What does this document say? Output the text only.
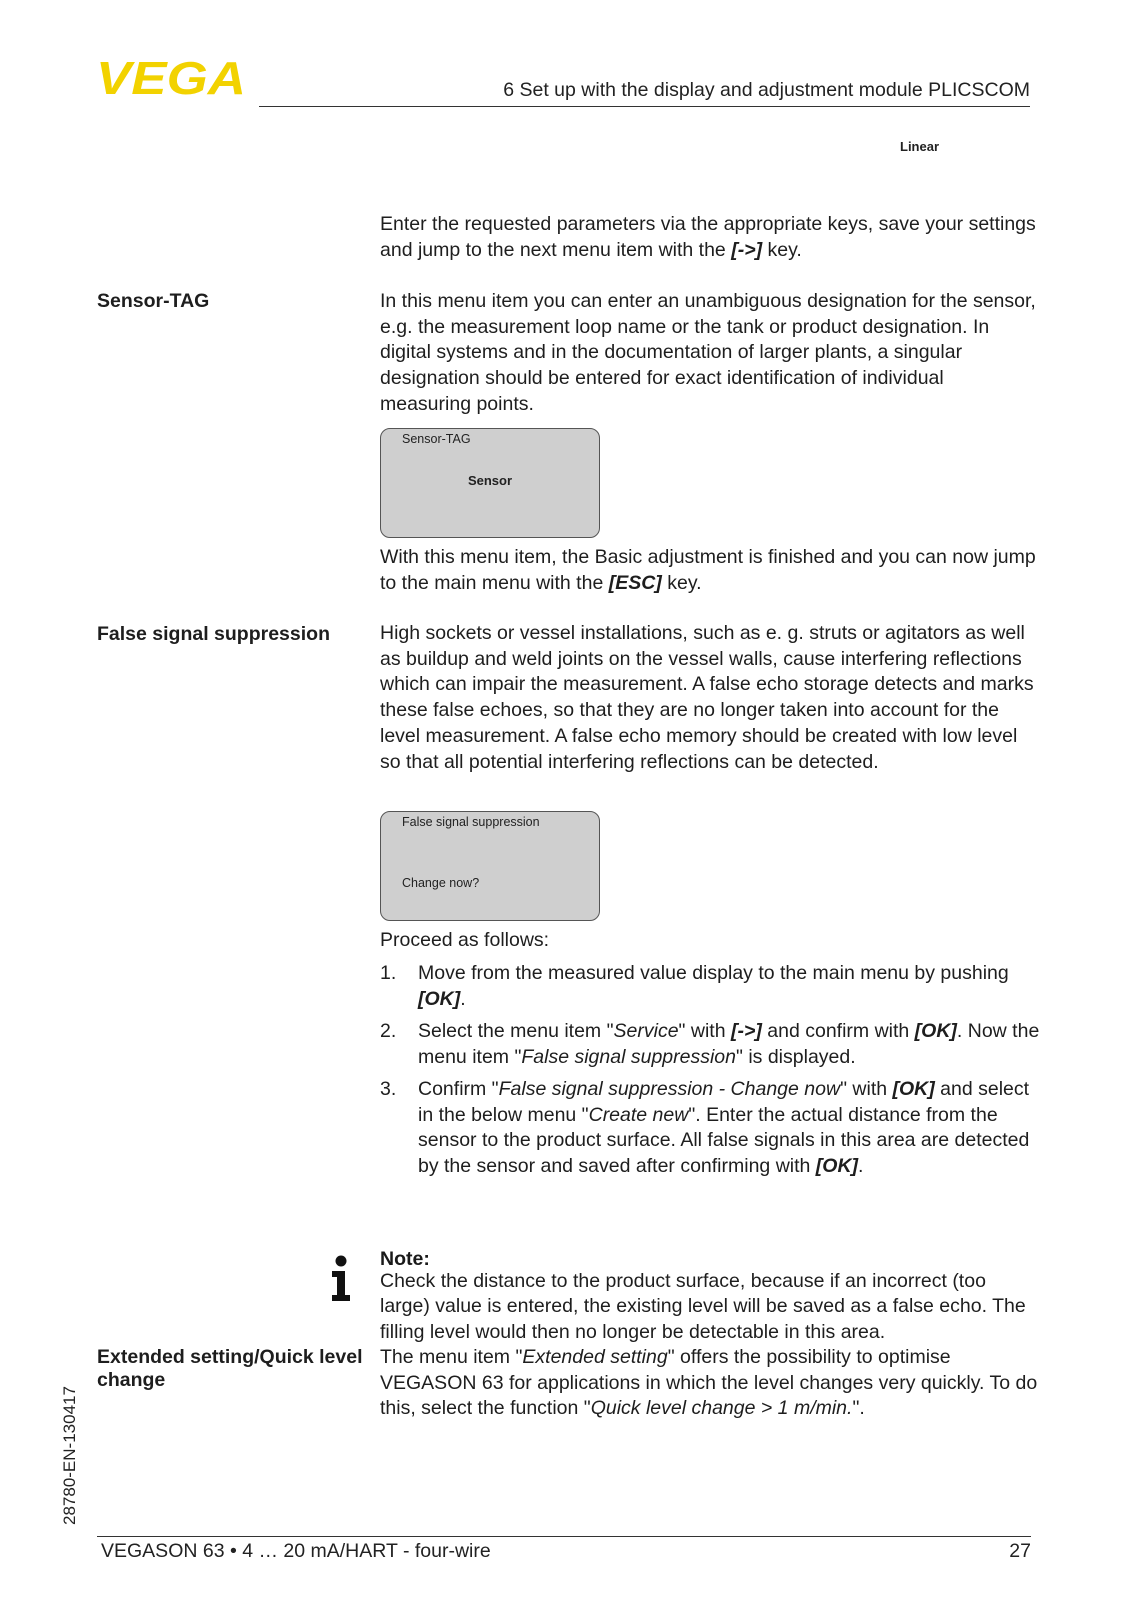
VEGA	6 Set up with the display and adjustment module PLICSCOM
Linear
Enter the requested parameters via the appropriate keys, save your settings and jump to the next menu item with the [->] key.
Sensor-TAG	In this menu item you can enter an unambiguous designation for the sensor, e.g. the measurement loop name or the tank or product designation. In digital systems and in the documentation of larger plants, a singular designation should be entered for exact identification of individual measuring points.
Sensor-TAG
Sensor
With this menu item, the Basic adjustment is finished and you can now jump to the main menu with the [ESC] key.
False signal suppression	High sockets or vessel installations, such as e. g. struts or agitators as well as buildup and weld joints on the vessel walls, cause interfering reflections which can impair the measurement. A false echo storage detects and marks these false echoes, so that they are no longer taken into account for the level measurement. A false echo memory should be created with low level so that all potential interfering reflections can be detected.
False signal suppression
Change now?
Proceed as follows:
1. Move from the measured value display to the main menu by pushing [OK].
2. Select the menu item "Service" with [->] and confirm with [OK]. Now the menu item "False signal suppression" is displayed.
3. Confirm "False signal suppression - Change now" with [OK] and select in the below menu "Create new". Enter the actual distance from the sensor to the product surface. All false signals in this area are detected by the sensor and saved after confirming with [OK].
Note:
Check the distance to the product surface, because if an incorrect (too large) value is entered, the existing level will be saved as a false echo. The filling level would then no longer be detectable in this area.
Extended setting/Quick level change
The menu item "Extended setting" offers the possibility to optimise VEGASON 63 for applications in which the level changes very quickly. To do this, select the function "Quick level change > 1 m/min.".
28780-EN-130417
VEGASON 63 • 4 … 20 mA/HART - four-wire	27
